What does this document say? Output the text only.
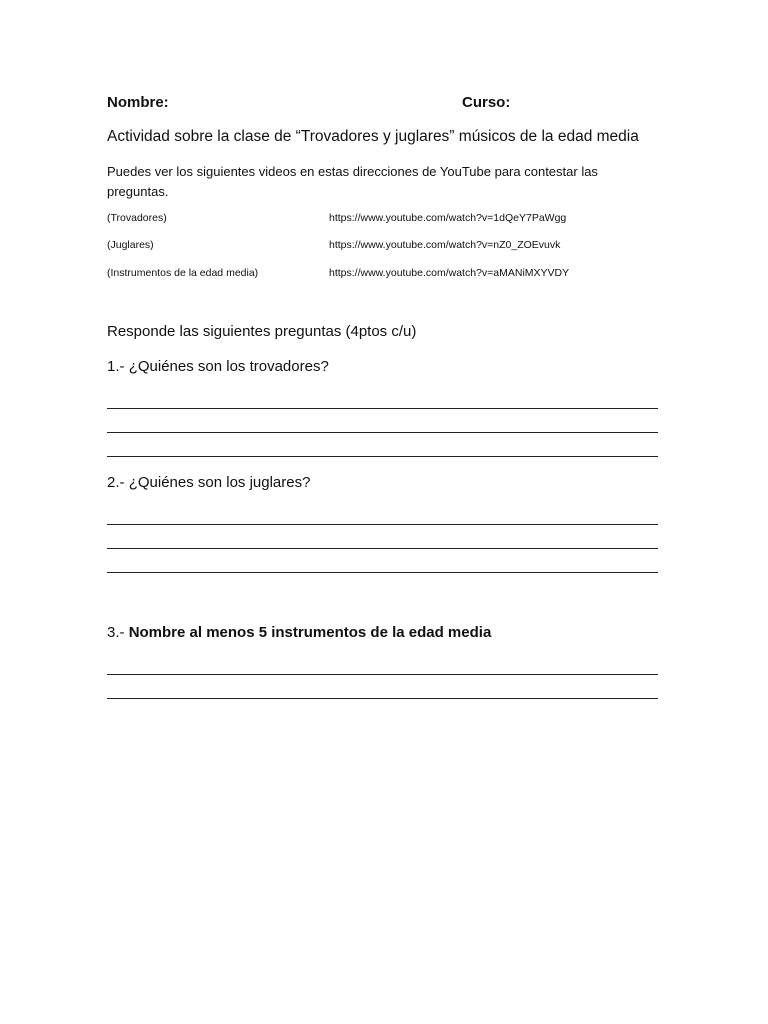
Nombre:	Curso:
Actividad sobre la clase de “Trovadores y juglares” músicos de la edad media
Puedes ver los siguientes videos en estas direcciones de YouTube para contestar las preguntas.
(Trovadores)	https://www.youtube.com/watch?v=1dQeY7PaWgg
(Juglares)	https://www.youtube.com/watch?v=nZ0_ZOEvuvk
(Instrumentos de la edad media)	https://www.youtube.com/watch?v=aMANiMXYVDY
Responde las siguientes preguntas (4ptos c/u)
1.- ¿Quiénes son los trovadores?
2.- ¿Quiénes son los juglares?
3.- Nombre al menos 5 instrumentos de la edad media
